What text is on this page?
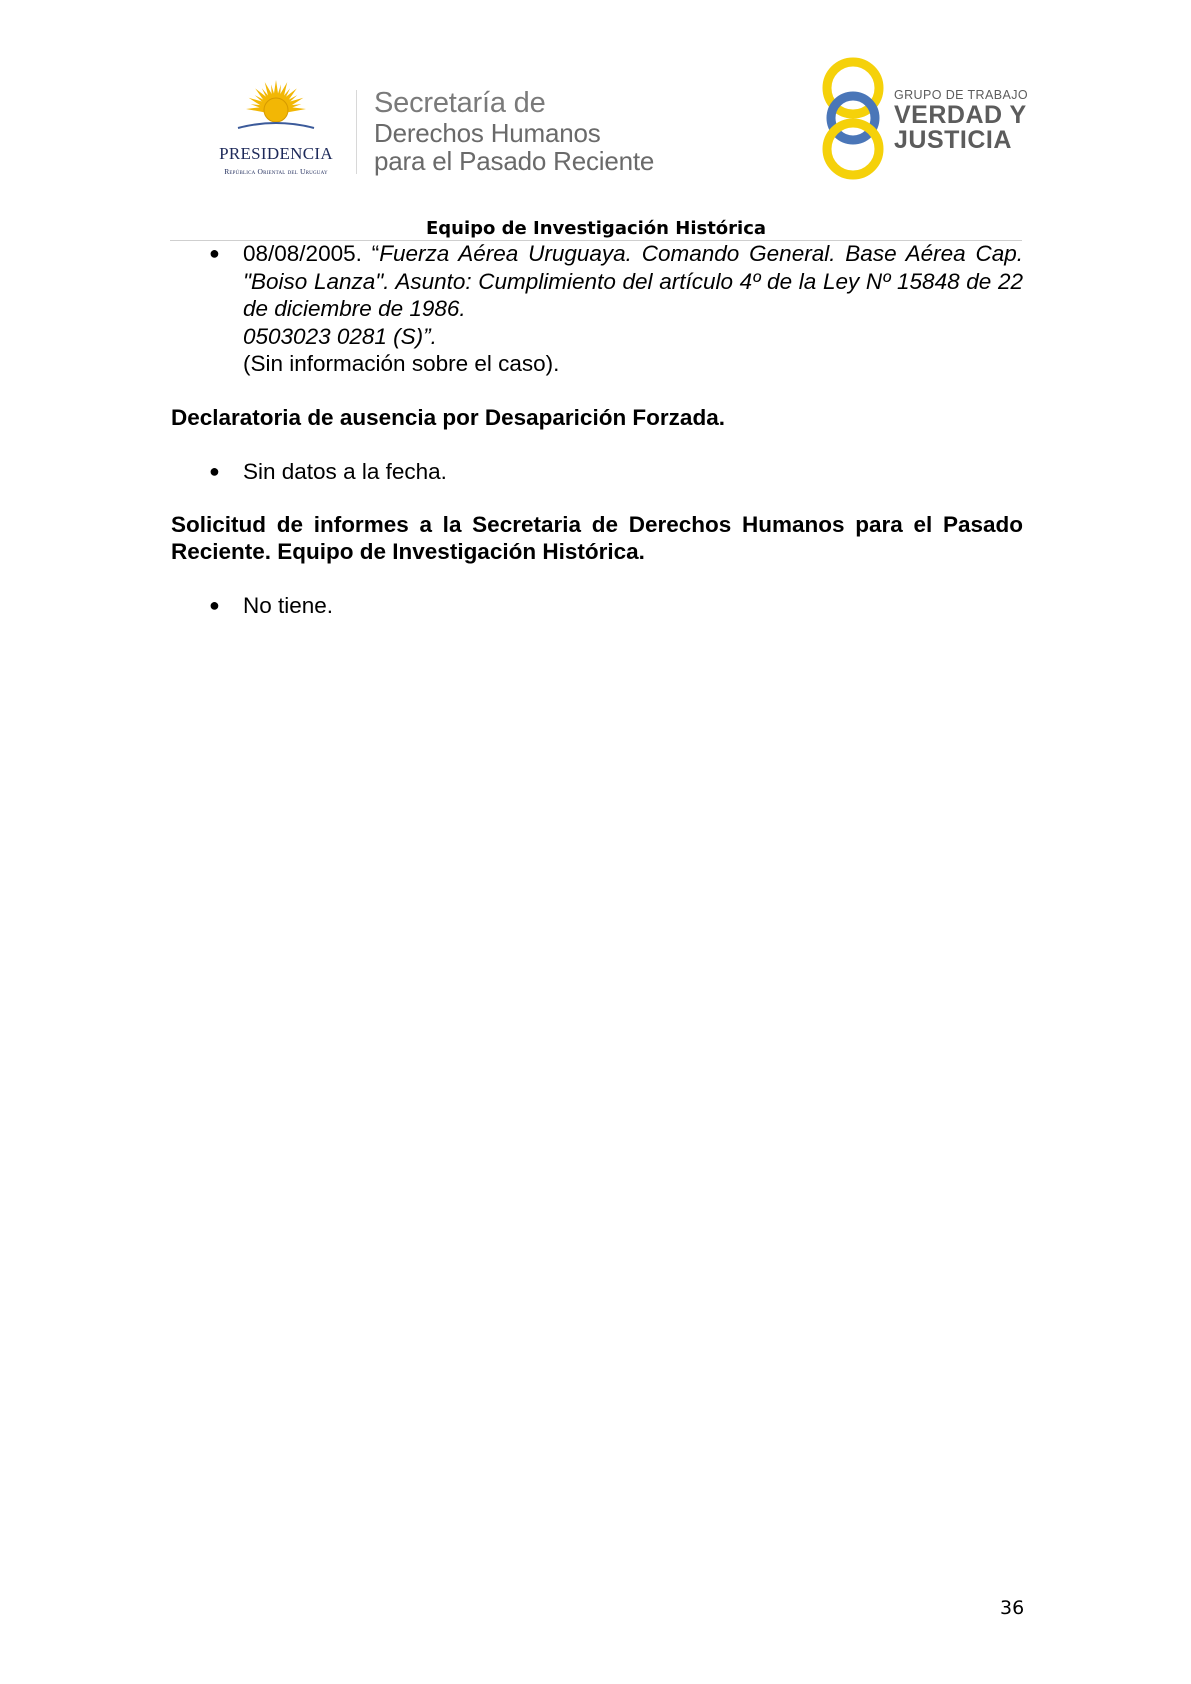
PRESIDENCIA
República Oriental del Uruguay
Secretaría de
Derechos Humanos
para el Pasado Reciente
GRUPO DE TRABAJO
VERDAD Y
JUSTICIA
Equipo de Investigación Histórica
● 08/08/2005. “Fuerza Aérea Uruguaya. Comando General. Base Aérea Cap. "Boiso Lanza". Asunto: Cumplimiento del artículo 4º de la Ley Nº 15848 de 22 de diciembre de 1986.
0503023 0281 (S)”.
(Sin información sobre el caso).

Declaratoria de ausencia por Desaparición Forzada.

● Sin datos a la fecha.

Solicitud de informes a la Secretaria de Derechos Humanos para el Pasado Reciente. Equipo de Investigación Histórica.

● No tiene.
36
